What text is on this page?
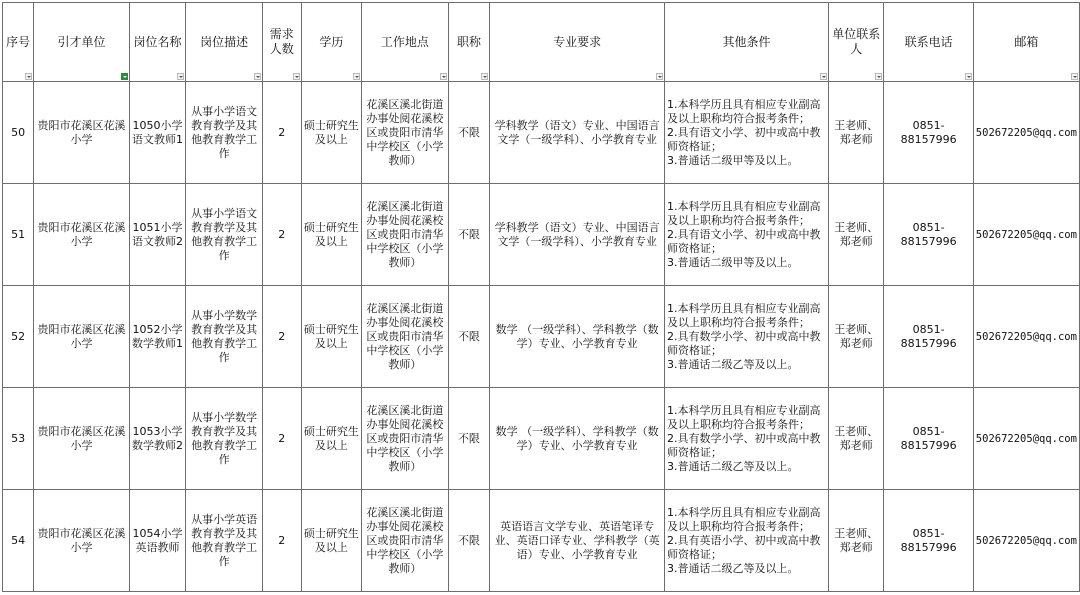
序号	引才单位	岗位名称	岗位描述	需求人数	学历	工作地点	职称	专业要求	其他条件	单位联系人	联系电话	邮箱

50	贵阳市花溪区花溪小学	1050小学语文教师1	从事小学语文教育教学及其他教育教学工作	2	硕士研究生及以上	花溪区溪北街道办事处阅花溪校区或贵阳市清华中学校区（小学教师）	不限	学科教学（语文）专业、中国语言文学（一级学科）、小学教育专业	1.本科学历且具有相应专业副高及以上职称均符合报考条件；
2.具有语文小学、初中或高中教师资格证；
3.普通话二级甲等及以上。	王老师、郑老师	0851-88157996	502672205@qq.com
51	贵阳市花溪区花溪小学	1051小学语文教师2	从事小学语文教育教学及其他教育教学工作	2	硕士研究生及以上	花溪区溪北街道办事处阅花溪校区或贵阳市清华中学校区（小学教师）	不限	学科教学（语文）专业、中国语言文学（一级学科）、小学教育专业	1.本科学历且具有相应专业副高及以上职称均符合报考条件；
2.具有语文小学、初中或高中教师资格证；
3.普通话二级甲等及以上。	王老师、郑老师	0851-88157996	502672205@qq.com
52	贵阳市花溪区花溪小学	1052小学数学教师1	从事小学数学教育教学及其他教育教学工作	2	硕士研究生及以上	花溪区溪北街道办事处阅花溪校区或贵阳市清华中学校区（小学教师）	不限	数学 （一级学科）、学科教学（数学）专业、小学教育专业	1.本科学历且具有相应专业副高及以上职称均符合报考条件；
2.具有数学小学、初中或高中教师资格证；
3.普通话二级乙等及以上。	王老师、郑老师	0851-88157996	502672205@qq.com
53	贵阳市花溪区花溪小学	1053小学数学教师2	从事小学数学教育教学及其他教育教学工作	2	硕士研究生及以上	花溪区溪北街道办事处阅花溪校区或贵阳市清华中学校区（小学教师）	不限	数学 （一级学科）、学科教学（数学）专业、小学教育专业	1.本科学历且具有相应专业副高及以上职称均符合报考条件；
2.具有数学小学、初中或高中教师资格证；
3.普通话二级乙等及以上。	王老师、郑老师	0851-88157996	502672205@qq.com
54	贵阳市花溪区花溪小学	1054小学英语教师	从事小学英语教育教学及其他教育教学工作	2	硕士研究生及以上	花溪区溪北街道办事处阅花溪校区或贵阳市清华中学校区（小学教师）	不限	英语语言文学专业、英语笔译专业、英语口译专业、学科教学（英语）专业、小学教育专业	1.本科学历且具有相应专业副高及以上职称均符合报考条件；
2.具有英语小学、初中或高中教师资格证；
3.普通话二级乙等及以上。	王老师、郑老师	0851-88157996	502672205@qq.com
